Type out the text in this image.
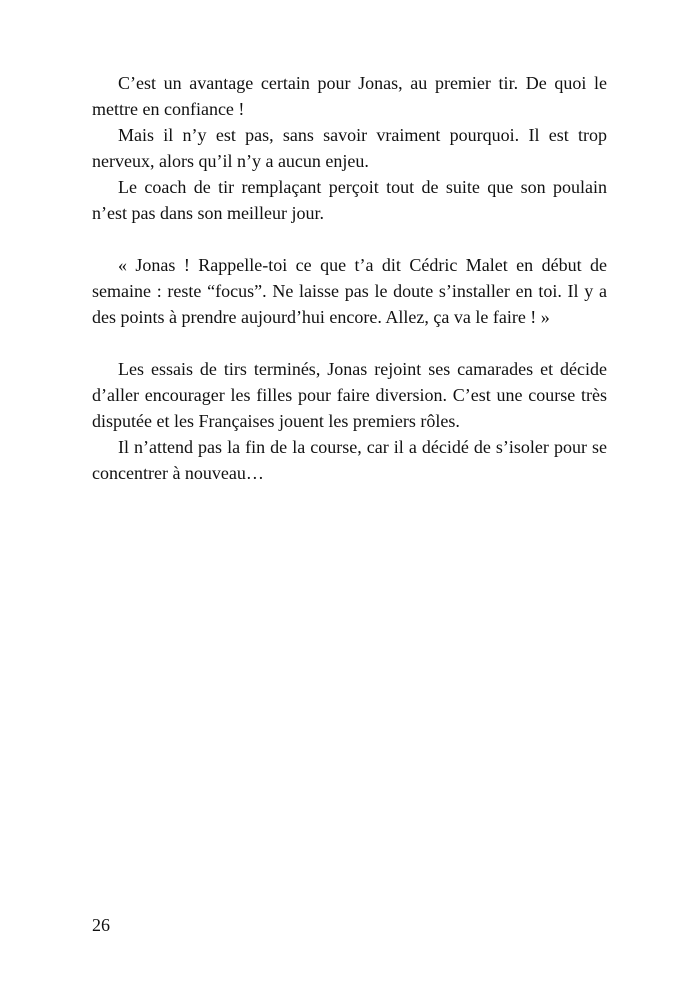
C’est un avantage certain pour Jonas, au premier tir. De quoi le mettre en confiance !

Mais il n’y est pas, sans savoir vraiment pourquoi. Il est trop nerveux, alors qu’il n’y a aucun enjeu.

Le coach de tir remplaçant perçoit tout de suite que son poulain n’est pas dans son meilleur jour.

« Jonas ! Rappelle-toi ce que t’a dit Cédric Malet en début de semaine : reste “focus”. Ne laisse pas le doute s’installer en toi. Il y a des points à prendre aujourd’hui encore. Allez, ça va le faire ! »

Les essais de tirs terminés, Jonas rejoint ses camarades et décide d’aller encourager les filles pour faire diversion. C’est une course très disputée et les Françaises jouent les premiers rôles.

Il n’attend pas la fin de la course, car il a décidé de s’isoler pour se concentrer à nouveau…

26
